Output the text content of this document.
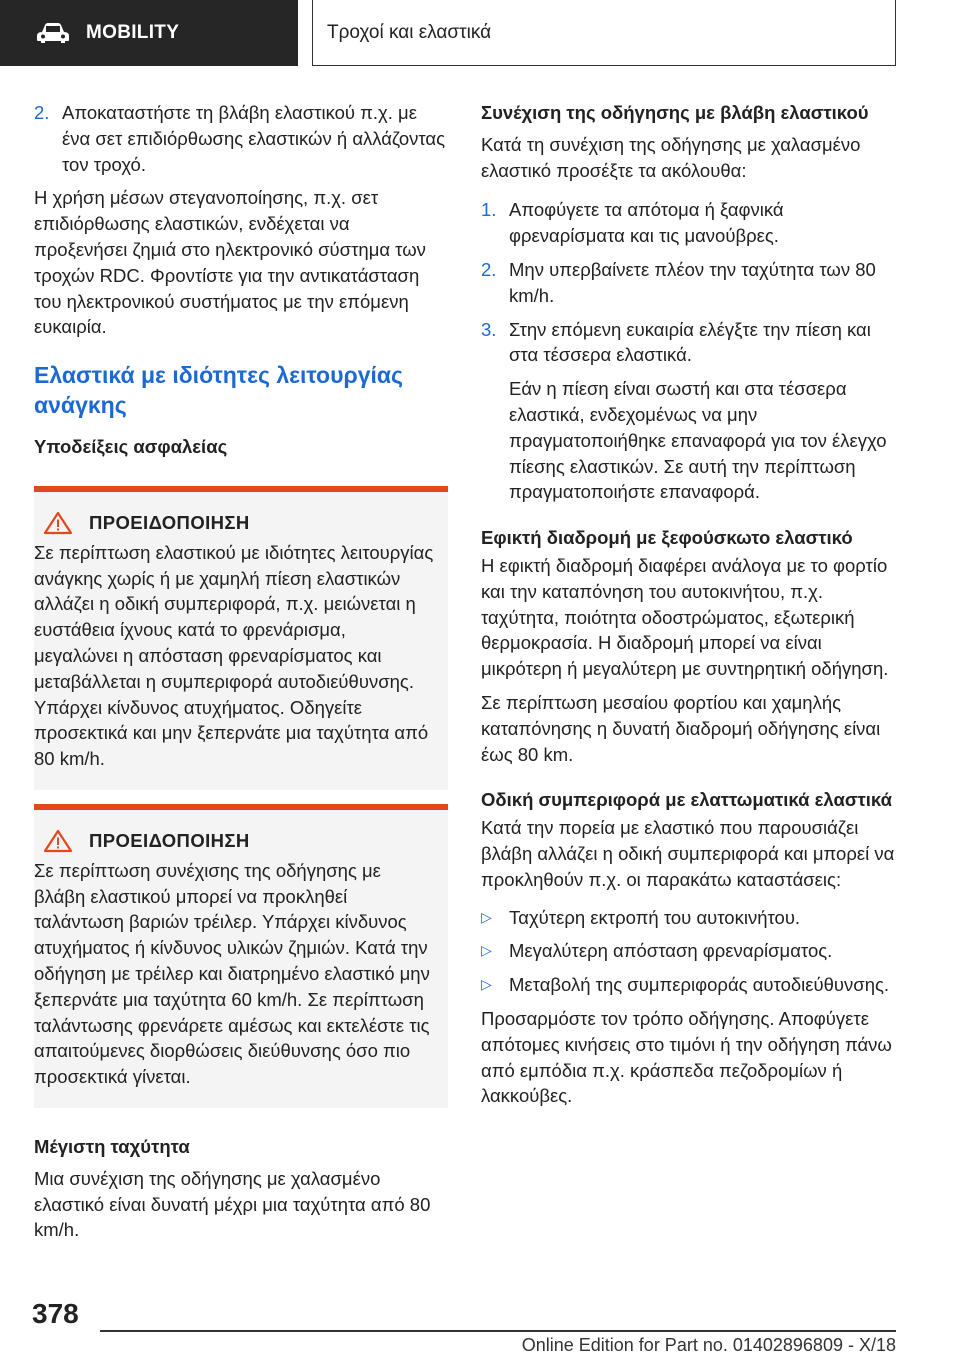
MOBILITY	Τροχοί και ελαστικά
2. Αποκαταστήστε τη βλάβη ελαστικού π.χ. με ένα σετ επιδιόρθωσης ελαστικών ή αλλάζοντας τον τροχό.

Η χρήση μέσων στεγανοποίησης, π.χ. σετ επιδιόρθωσης ελαστικών, ενδέχεται να προξενήσει ζημιά στο ηλεκτρονικό σύστημα των τροχών RDC. Φροντίστε για την αντικατάσταση του ηλεκτρονικού συστήματος με την επόμενη ευκαιρία.

Ελαστικά με ιδιότητες λειτουργίας ανάγκης
Υποδείξεις ασφαλείας
ΠΡΟΕΙΔΟΠΟΙΗΣΗ

Σε περίπτωση ελαστικού με ιδιότητες λειτουργίας ανάγκης χωρίς ή με χαμηλή πίεση ελαστικών αλλάζει η οδική συμπεριφορά, π.χ. μειώνεται η ευστάθεια ίχνους κατά το φρενάρισμα, μεγαλώνει η απόσταση φρεναρίσματος και μεταβάλλεται η συμπεριφορά αυτοδιεύθυνσης. Υπάρχει κίνδυνος ατυχήματος. Οδηγείτε προσεκτικά και μην ξεπερνάτε μια ταχύτητα από 80 km/h.

ΠΡΟΕΙΔΟΠΟΙΗΣΗ

Σε περίπτωση συνέχισης της οδήγησης με βλάβη ελαστικού μπορεί να προκληθεί ταλάντωση βαριών τρέιλερ. Υπάρχει κίνδυνος ατυχήματος ή κίνδυνος υλικών ζημιών. Κατά την οδήγηση με τρέιλερ και διατρημένο ελαστικό μην ξεπερνάτε μια ταχύτητα 60 km/h. Σε περίπτωση ταλάντωσης φρενάρετε αμέσως και εκτελέστε τις απαιτούμενες διορθώσεις διεύθυνσης όσο πιο προσεκτικά γίνεται.

Μέγιστη ταχύτητα

Μια συνέχιση της οδήγησης με χαλασμένο ελαστικό είναι δυνατή μέχρι μια ταχύτητα από 80 km/h.

Συνέχιση της οδήγησης με βλάβη ελαστικού

Κατά τη συνέχιση της οδήγησης με χαλασμένο ελαστικό προσέξτε τα ακόλουθα:

1. Αποφύγετε τα απότομα ή ξαφνικά φρεναρίσματα και τις μανούβρες.
2. Μην υπερβαίνετε πλέον την ταχύτητα των 80 km/h.
3. Στην επόμενη ευκαιρία ελέγξτε την πίεση και στα τέσσερα ελαστικά.

Εάν η πίεση είναι σωστή και στα τέσσερα ελαστικά, ενδεχομένως να μην πραγματοποιήθηκε επαναφορά για τον έλεγχο πίεσης ελαστικών. Σε αυτή την περίπτωση πραγματοποιήστε επαναφορά.

Εφικτή διαδρομή με ξεφούσκωτο ελαστικό

Η εφικτή διαδρομή διαφέρει ανάλογα με το φορτίο και την καταπόνηση του αυτοκινήτου, π.χ. ταχύτητα, ποιότητα οδοστρώματος, εξωτερική θερμοκρασία. Η διαδρομή μπορεί να είναι μικρότερη ή μεγαλύτερη με συντηρητική οδήγηση.

Σε περίπτωση μεσαίου φορτίου και χαμηλής καταπόνησης η δυνατή διαδρομή οδήγησης είναι έως 80 km.

Οδική συμπεριφορά με ελαττωματικά ελαστικά

Κατά την πορεία με ελαστικό που παρουσιάζει βλάβη αλλάζει η οδική συμπεριφορά και μπορεί να προκληθούν π.χ. οι παρακάτω καταστάσεις:

▷ Ταχύτερη εκτροπή του αυτοκινήτου.
▷ Μεγαλύτερη απόσταση φρεναρίσματος.
▷ Μεταβολή της συμπεριφοράς αυτοδιεύθυνσης.

Προσαρμόστε τον τρόπο οδήγησης. Αποφύγετε απότομες κινήσεις στο τιμόνι ή την οδήγηση πάνω από εμπόδια π.χ. κράσπεδα πεζοδρομίων ή λακκούβες.

378
Online Edition for Part no. 01402896809 - X/18
